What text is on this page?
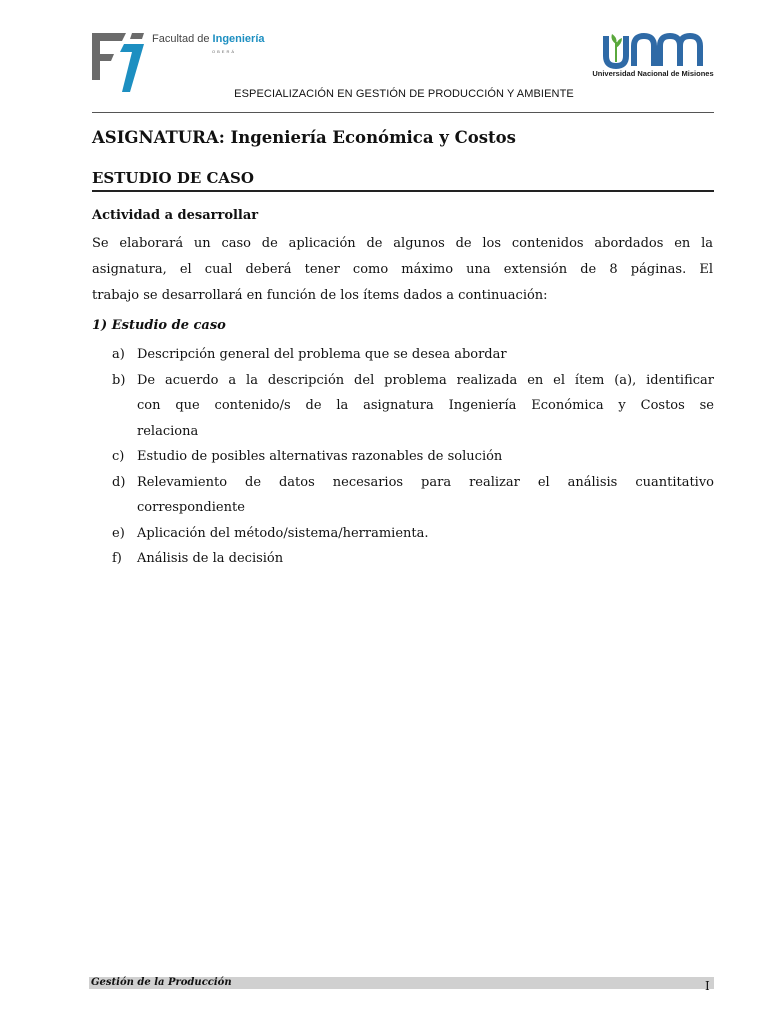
Facultad de Ingeniería
OBERÁ
Universidad Nacional de Misiones
ESPECIALIZACIÓN EN GESTIÓN DE PRODUCCIÓN Y AMBIENTE
ASIGNATURA: Ingeniería Económica y Costos
ESTUDIO DE CASO
Actividad a desarrollar
Se elaborará un caso de aplicación de algunos de los contenidos abordados en la
asignatura, el cual deberá tener como máximo una extensión de 8 páginas. El
trabajo se desarrollará en función de los ítems dados a continuación:
1) Estudio de caso
a) Descripción general del problema que se desea abordar
b) De acuerdo a la descripción del problema realizada en el ítem (a), identificar
con que contenido/s de la asignatura Ingeniería Económica y Costos se
relaciona
c) Estudio de posibles alternativas razonables de solución
d) Relevamiento de datos necesarios para realizar el análisis cuantitativo
correspondiente
e) Aplicación del método/sistema/herramienta.
f)	Análisis de la decisión
Gestión de la Producción	I
